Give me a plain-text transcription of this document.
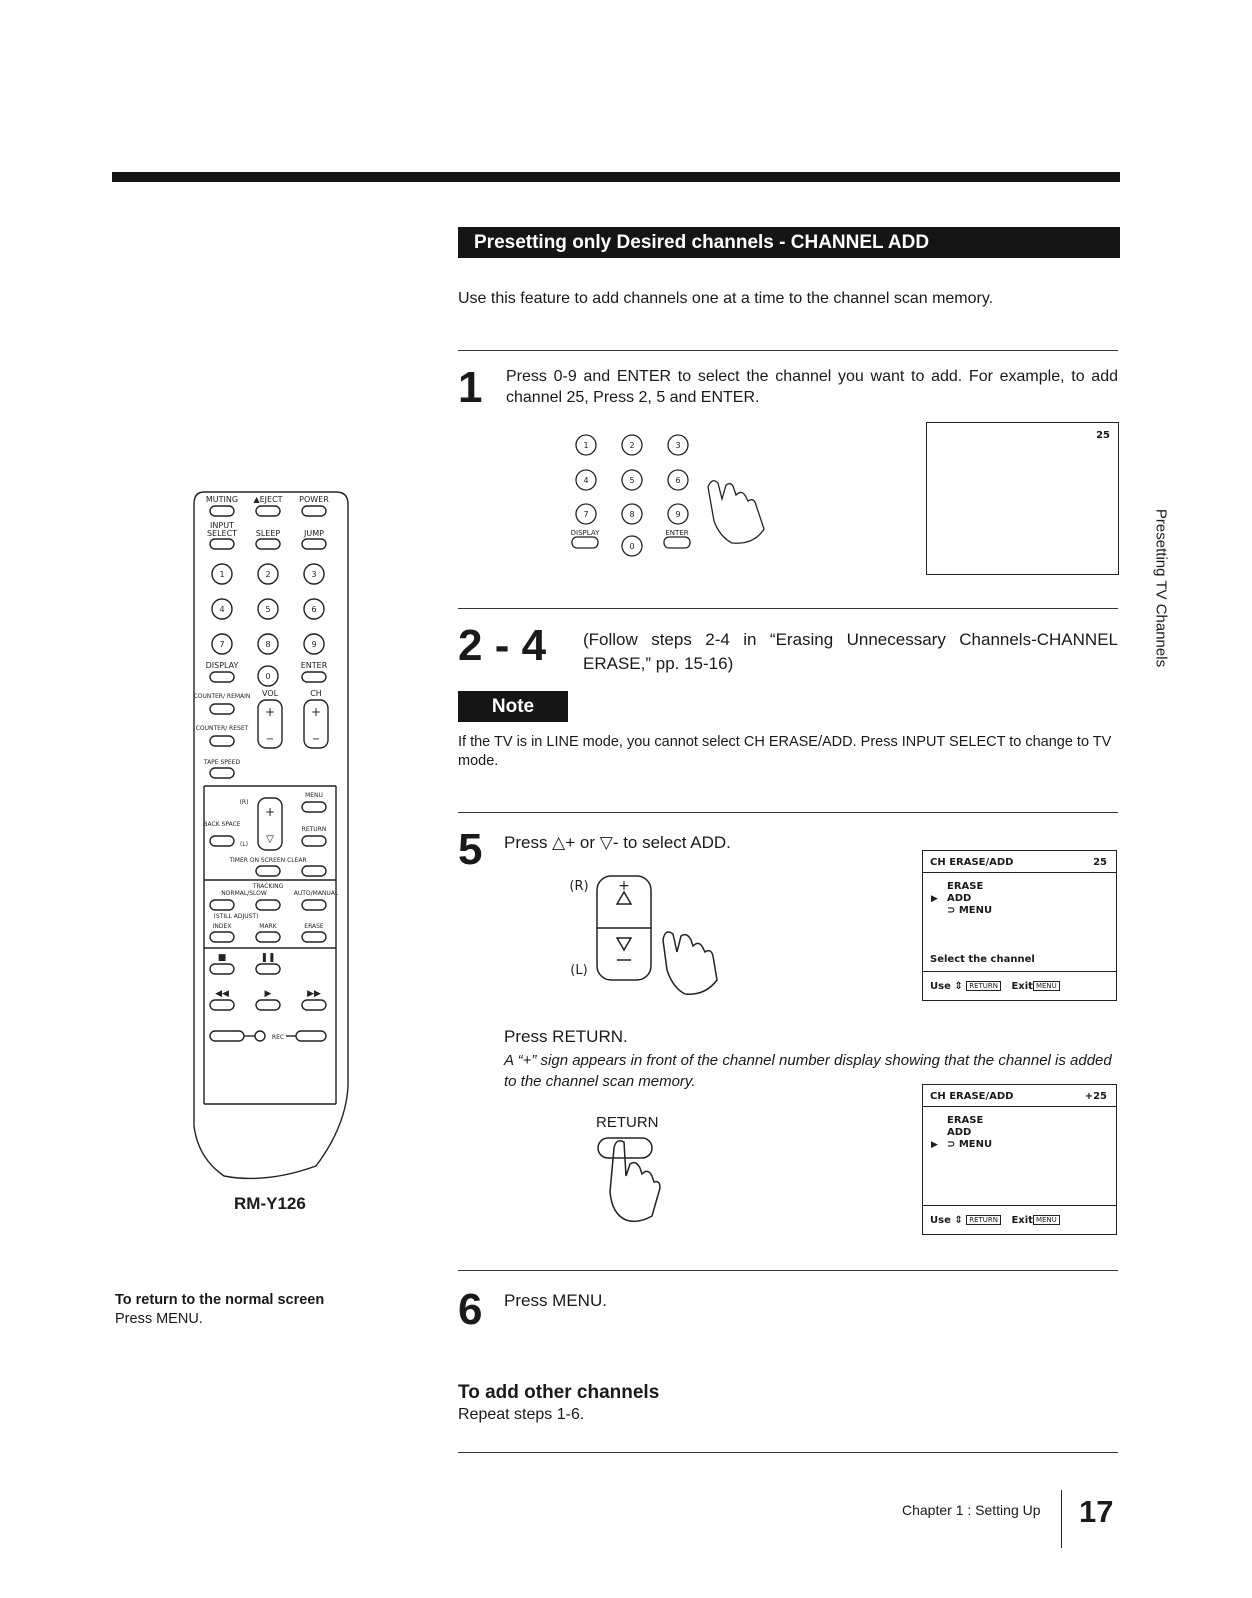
1	2	3
4	5	6
7	8	9
0
+	+
−	−
+
▽
■	❚❚
◀◀	▶	▶▶
MUTING ▲EJECT POWER
INPUT
SELECT SLEEP	JUMP
DISPLAY	ENTER
COUNTER/ REMAIN VOL	CH
COUNTER/ RESET
TAPE SPEED
MENU
(R)
BACK SPACE
(L)
RETURN
TIMER ON SCREEN CLEAR
TRACKING
NORMAL/SLOW	AUTO/MANUAL
(STILL ADJUST)
INDEX	MARK	ERASE
REC
RM-Y126
To return to the normal screen
Press MENU.
Presetting only Desired channels - CHANNEL ADD
Use this feature to add channels one at a time to the channel scan memory.
1 Press 0-9 and ENTER to select the channel you want to add. For example, to add channel 25, Press 2, 5 and ENTER.
1	2	3
4	5	6
7	8	9
0
DISPLAY	ENTER
25
2 - 4 (Follow steps 2-4 in “Erasing Unnecessary Channels-CHANNEL ERASE,” pp. 15-16)
Note
If the TV is in LINE mode, you cannot select CH ERASE/ADD. Press INPUT SELECT to change to TV mode.
5 Press △+ or ▽- to select ADD.
+
(R)
(L)
CH ERASE/ADD	25
ERASE
▶ ADD
⊃ MENU
Select the channel
Use ⇕ RETURN Exit MENU
Press RETURN.
A “+” sign appears in front of the channel number display showing that the channel is added to the channel scan memory.
RETURN
CH ERASE/ADD	+25
ERASE
ADD
▶ ⊃ MENU
Use ⇕ RETURN Exit MENU
6 Press MENU.
To add other channels
Repeat steps 1-6.
Presetting TV Channels
Chapter 1 : Setting Up 17
